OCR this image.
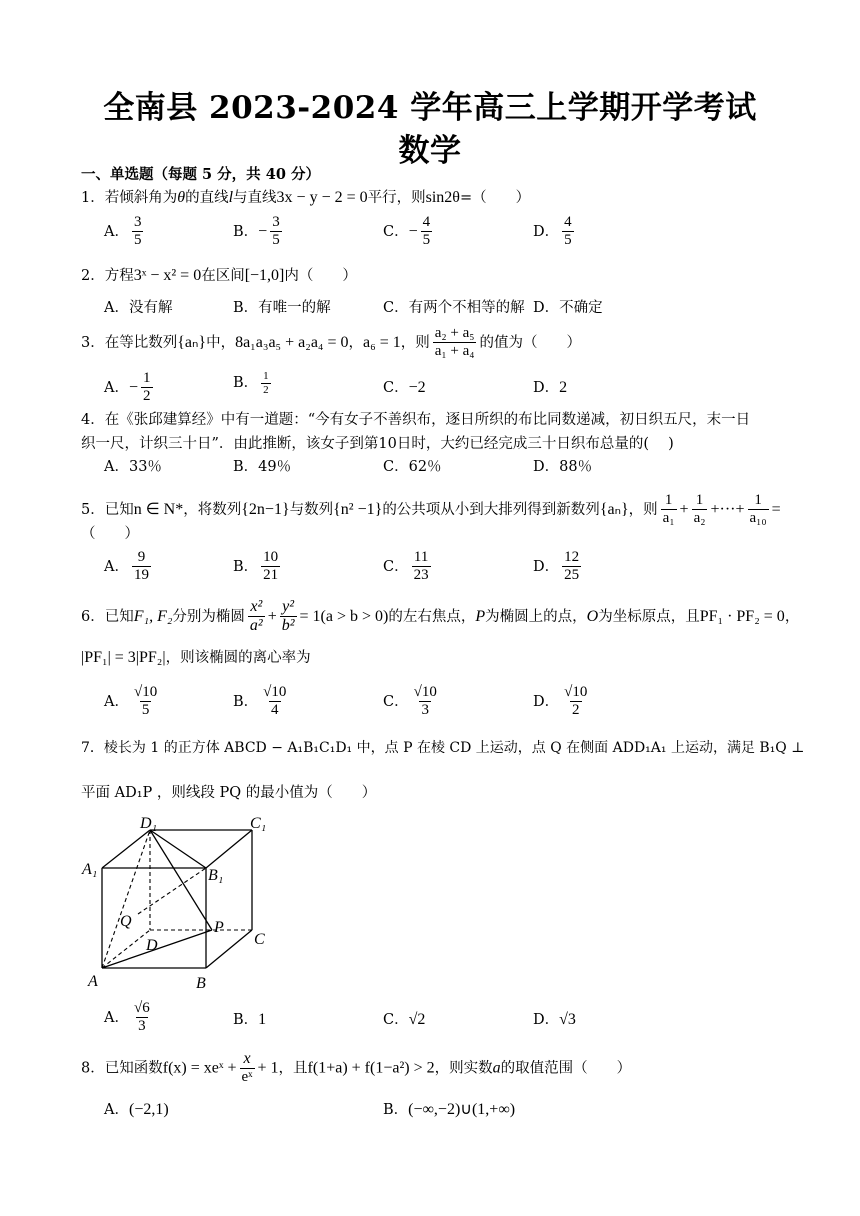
全南县 2023-2024 学年高三上学期开学考试
数学
一、单选题（每题 5 分，共 40 分）
1．若倾斜角为θ的直线l与直线3x − y − 2 = 0平行，则sin2θ=（　　）
A． $\frac{3}{5}$	B．− $\frac{3}{5}$	C．− $\frac{4}{5}$	D． $\frac{4}{5}$
2．方程3ˣ − x² = 0在区间[−1,0]内（　　）
A．没有解	B．有唯一的解	C．有两个不相等的解 D．不确定
3．在等比数列{aₙ}中，8a₁a₃a₅ + a₂a₄ = 0，a₆ = 1，则 $\frac{\text{a₂ + a₅}}{\text{a₁ + a₄}}$ 的值为（　　）
A．− $\frac{1}{2}$	B． $\frac{1}{2}$	C．−2	D．2
4．在《张邱建算经》中有一道题：“今有女子不善织布，逐日所织的布比同数递减，初日织五尺，末一日
织一尺，计织三十日”．由此推断，该女子到第10日时，大约已经完成三十日织布总量的(　 )
A．33％	B．49％	C．62％	D．88％
5．已知n ∈ N*，将数列{2n−1}与数列{n² −1}的公共项从小到大排列得到新数列{aₙ}，则 $\frac{1}{\text{a₁}} + \frac{1}{\text{a₂}}$ +···+ $\frac{1}{\text{a₁₀}}$ =
（　　）
A． $\frac{9}{19}$	B． $\frac{10}{21}$	C． $\frac{11}{23}$	D． $\frac{12}{25}$
6．已知F₁, F₂分别为椭圆 $\frac{\text{x²}}{\text{a²}} + \frac{\text{y²}}{\text{b²}} = 1(a > b > 0)$的左右焦点，P为椭圆上的点，O为坐标原点，且PF₁ · PF₂ = 0，
|PF₁| = 3|PF₂|，则该椭圆的离心率为
A． $\frac{√10}{5}$	B． $\frac{√10}{4}$	C． $\frac{√10}{3}$	D． $\frac{√10}{2}$
7．棱长为 1 的正方体 ABCD − A₁B₁C₁D₁ 中，点 P 在棱 CD 上运动，点 Q 在侧面 ADD₁A₁ 上运动，满足 B₁Q ⊥
平面 AD₁P ，则线段 PQ 的最小值为（　　）
D₁	C₁
A₁	B₁
Q
D
P
C
A	B
A． $\frac{√6}{3}$	B．1	C．√2	D．√3
8．已知函数f(x) = xeˣ + $\frac{x}{\text{eˣ}} + 1$，且f(1+a) + f(1−a²) > 2，则实数a的取值范围（　　）
A．(−2,1)	B．(−∞,−2)∪(1,+∞)
